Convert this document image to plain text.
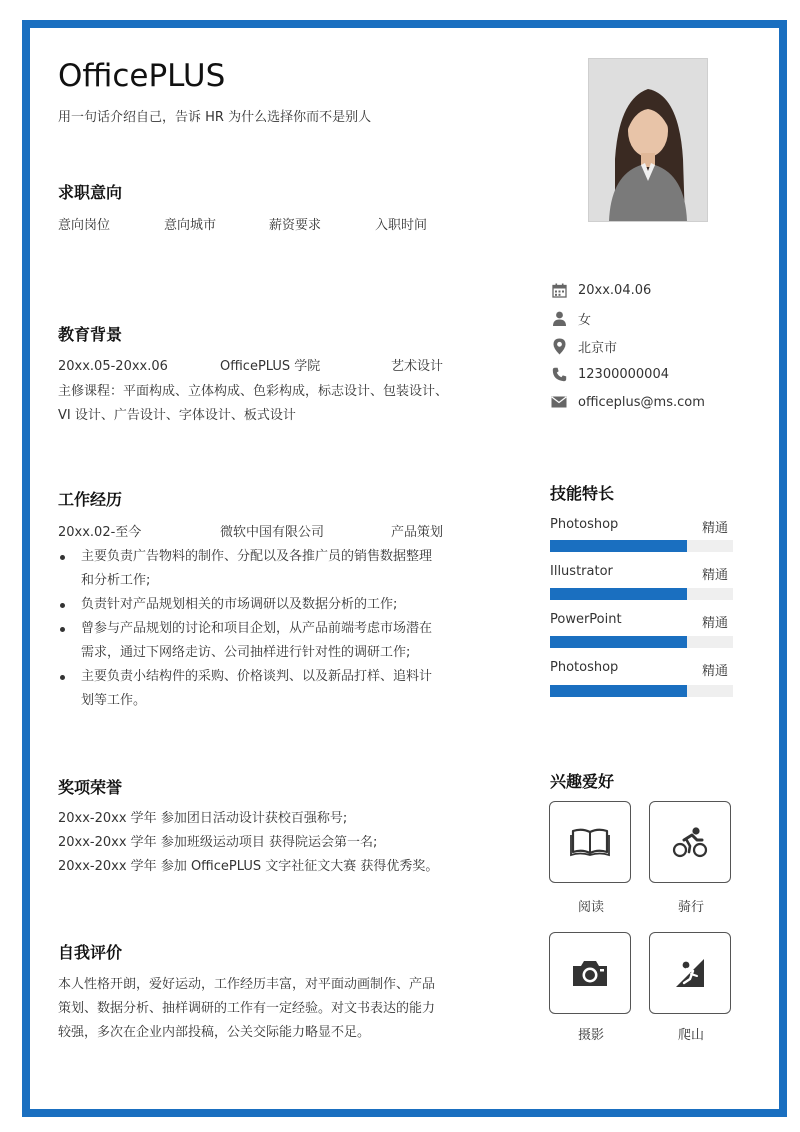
OfficePLUS
用一句话介绍自己，告诉 HR 为什么选择你而不是别人
求职意向
意向岗位	意向城市	薪资要求	入职时间
教育背景
20xx.05-20xx.06	OfficePLUS 学院	艺术设计
主修课程：平面构成、立体构成、色彩构成，标志设计、包装设计、
VI 设计、广告设计、字体设计、板式设计
工作经历
20xx.02-至今	微软中国有限公司	产品策划
主要负责广告物料的制作、分配以及各推广员的销售数据整理
和分析工作;
负责针对产品规划相关的市场调研以及数据分析的工作;
曾参与产品规划的讨论和项目企划，从产品前端考虑市场潜在
需求，通过下网络走访、公司抽样进行针对性的调研工作;
主要负责小结构件的采购、价格谈判、以及新品打样、追料计
划等工作。
奖项荣誉
20xx-20xx 学年 参加团日活动设计获校百强称号;
20xx-20xx 学年 参加班级运动项目 获得院运会第一名;
20xx-20xx 学年 参加 OfficePLUS 文字社征文大赛 获得优秀奖。
自我评价
本人性格开朗，爱好运动，工作经历丰富，对平面动画制作、产品
策划、数据分析、抽样调研的工作有一定经验。对文书表达的能力
较强，多次在企业内部投稿，公关交际能力略显不足。
20xx.04.06
女
北京市
12300000004
officeplus@ms.com
技能特长
Photoshop	精通
Illustrator	精通
PowerPoint	精通
Photoshop	精通
兴趣爱好
阅读	骑行
摄影	爬山
